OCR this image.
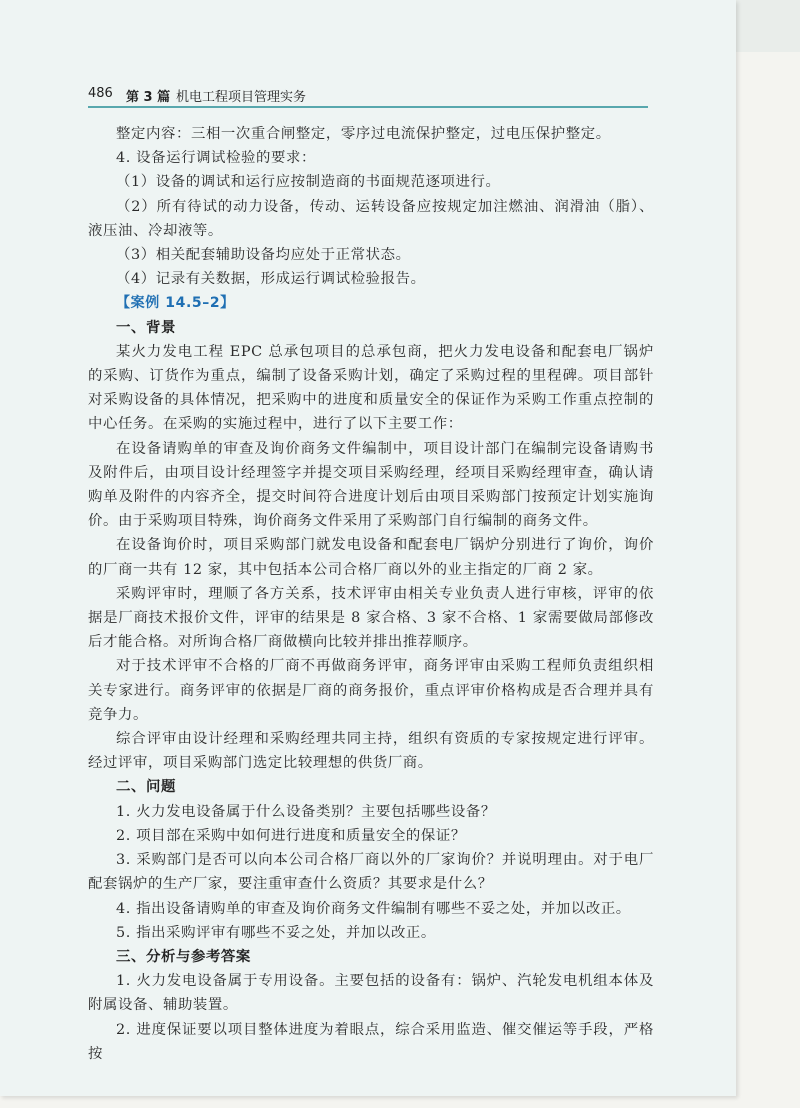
486 第 3 篇 机电工程项目管理实务

整定内容：三相一次重合闸整定，零序过电流保护整定，过电压保护整定。

4. 设备运行调试检验的要求：

（1）设备的调试和运行应按制造商的书面规范逐项进行。

（2）所有待试的动力设备，传动、运转设备应按规定加注燃油、润滑油（脂）、液压油、冷却液等。

（3）相关配套辅助设备均应处于正常状态。

（4）记录有关数据，形成运行调试检验报告。

【案例 14.5–2】

一、背景

某火力发电工程 EPC 总承包项目的总承包商，把火力发电设备和配套电厂锅炉的采购、订货作为重点，编制了设备采购计划，确定了采购过程的里程碑。项目部针对采购设备的具体情况，把采购中的进度和质量安全的保证作为采购工作重点控制的中心任务。在采购的实施过程中，进行了以下主要工作：

在设备请购单的审查及询价商务文件编制中，项目设计部门在编制完设备请购书及附件后，由项目设计经理签字并提交项目采购经理，经项目采购经理审查，确认请购单及附件的内容齐全，提交时间符合进度计划后由项目采购部门按预定计划实施询价。由于采购项目特殊，询价商务文件采用了采购部门自行编制的商务文件。

在设备询价时，项目采购部门就发电设备和配套电厂锅炉分别进行了询价，询价的厂商一共有 12 家，其中包括本公司合格厂商以外的业主指定的厂商 2 家。

采购评审时，理顺了各方关系，技术评审由相关专业负责人进行审核，评审的依据是厂商技术报价文件，评审的结果是 8 家合格、3 家不合格、1 家需要做局部修改后才能合格。对所询合格厂商做横向比较并排出推荐顺序。

对于技术评审不合格的厂商不再做商务评审，商务评审由采购工程师负责组织相关专家进行。商务评审的依据是厂商的商务报价，重点评审价格构成是否合理并具有竞争力。

综合评审由设计经理和采购经理共同主持，组织有资质的专家按规定进行评审。经过评审，项目采购部门选定比较理想的供货厂商。

二、问题

1. 火力发电设备属于什么设备类别？主要包括哪些设备？

2. 项目部在采购中如何进行进度和质量安全的保证？

3. 采购部门是否可以向本公司合格厂商以外的厂家询价？并说明理由。对于电厂配套锅炉的生产厂家，要注重审查什么资质？其要求是什么？

4. 指出设备请购单的审查及询价商务文件编制有哪些不妥之处，并加以改正。

5. 指出采购评审有哪些不妥之处，并加以改正。

三、分析与参考答案

1. 火力发电设备属于专用设备。主要包括的设备有：锅炉、汽轮发电机组本体及附属设备、辅助装置。

2. 进度保证要以项目整体进度为着眼点，综合采用监造、催交催运等手段，严格按
